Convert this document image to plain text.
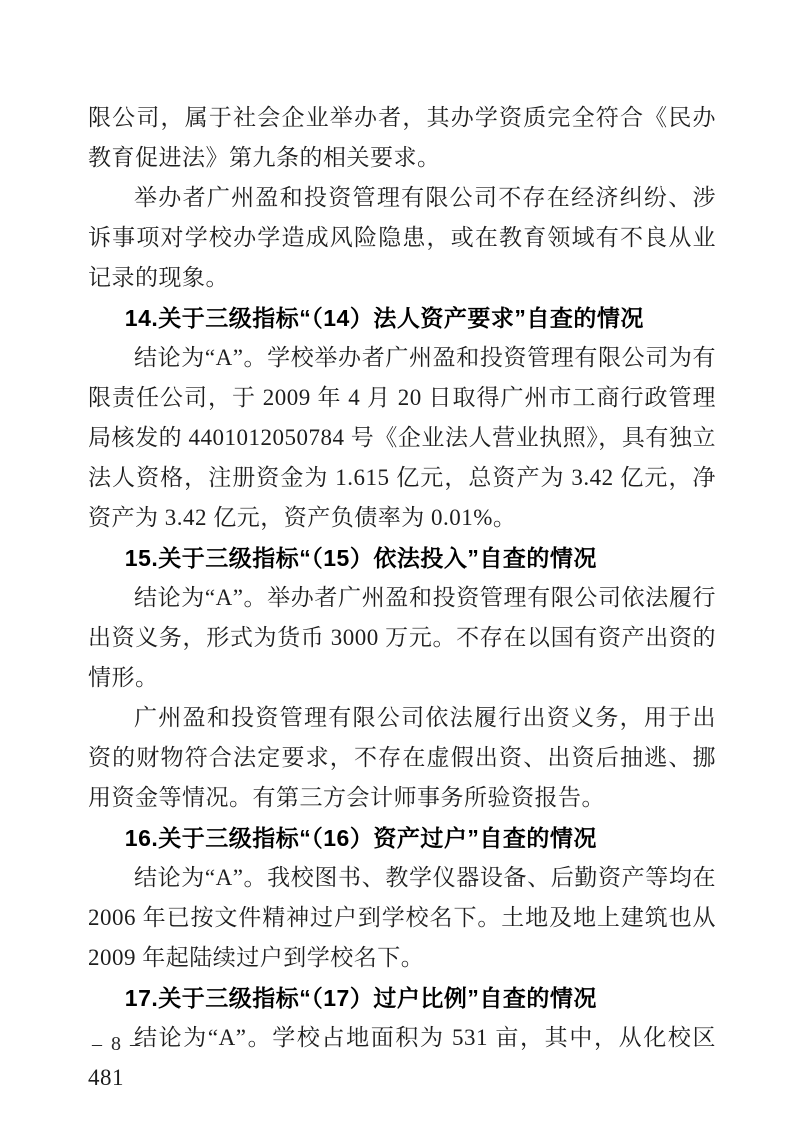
限公司，属于社会企业举办者，其办学资质完全符合《民办教育促进法》第九条的相关要求。

举办者广州盈和投资管理有限公司不存在经济纠纷、涉诉事项对学校办学造成风险隐患，或在教育领域有不良从业记录的现象。

14.关于三级指标“（14）法人资产要求”自查的情况

结论为“A”。学校举办者广州盈和投资管理有限公司为有限责任公司，于 2009 年 4 月 20 日取得广州市工商行政管理局核发的 4401012050784 号《企业法人营业执照》，具有独立法人资格，注册资金为 1.615 亿元，总资产为 3.42 亿元，净资产为 3.42 亿元，资产负债率为 0.01%。

15.关于三级指标“（15）依法投入”自查的情况

结论为“A”。举办者广州盈和投资管理有限公司依法履行出资义务，形式为货币 3000 万元。不存在以国有资产出资的情形。

广州盈和投资管理有限公司依法履行出资义务，用于出资的财物符合法定要求，不存在虚假出资、出资后抽逃、挪用资金等情况。有第三方会计师事务所验资报告。

16.关于三级指标“（16）资产过户”自查的情况

结论为“A”。我校图书、教学仪器设备、后勤资产等均在 2006 年已按文件精神过户到学校名下。土地及地上建筑也从 2009 年起陆续过户到学校名下。

17.关于三级指标“（17）过户比例”自查的情况

结论为“A”。学校占地面积为 531 亩，其中，从化校区 481

– 8 –
